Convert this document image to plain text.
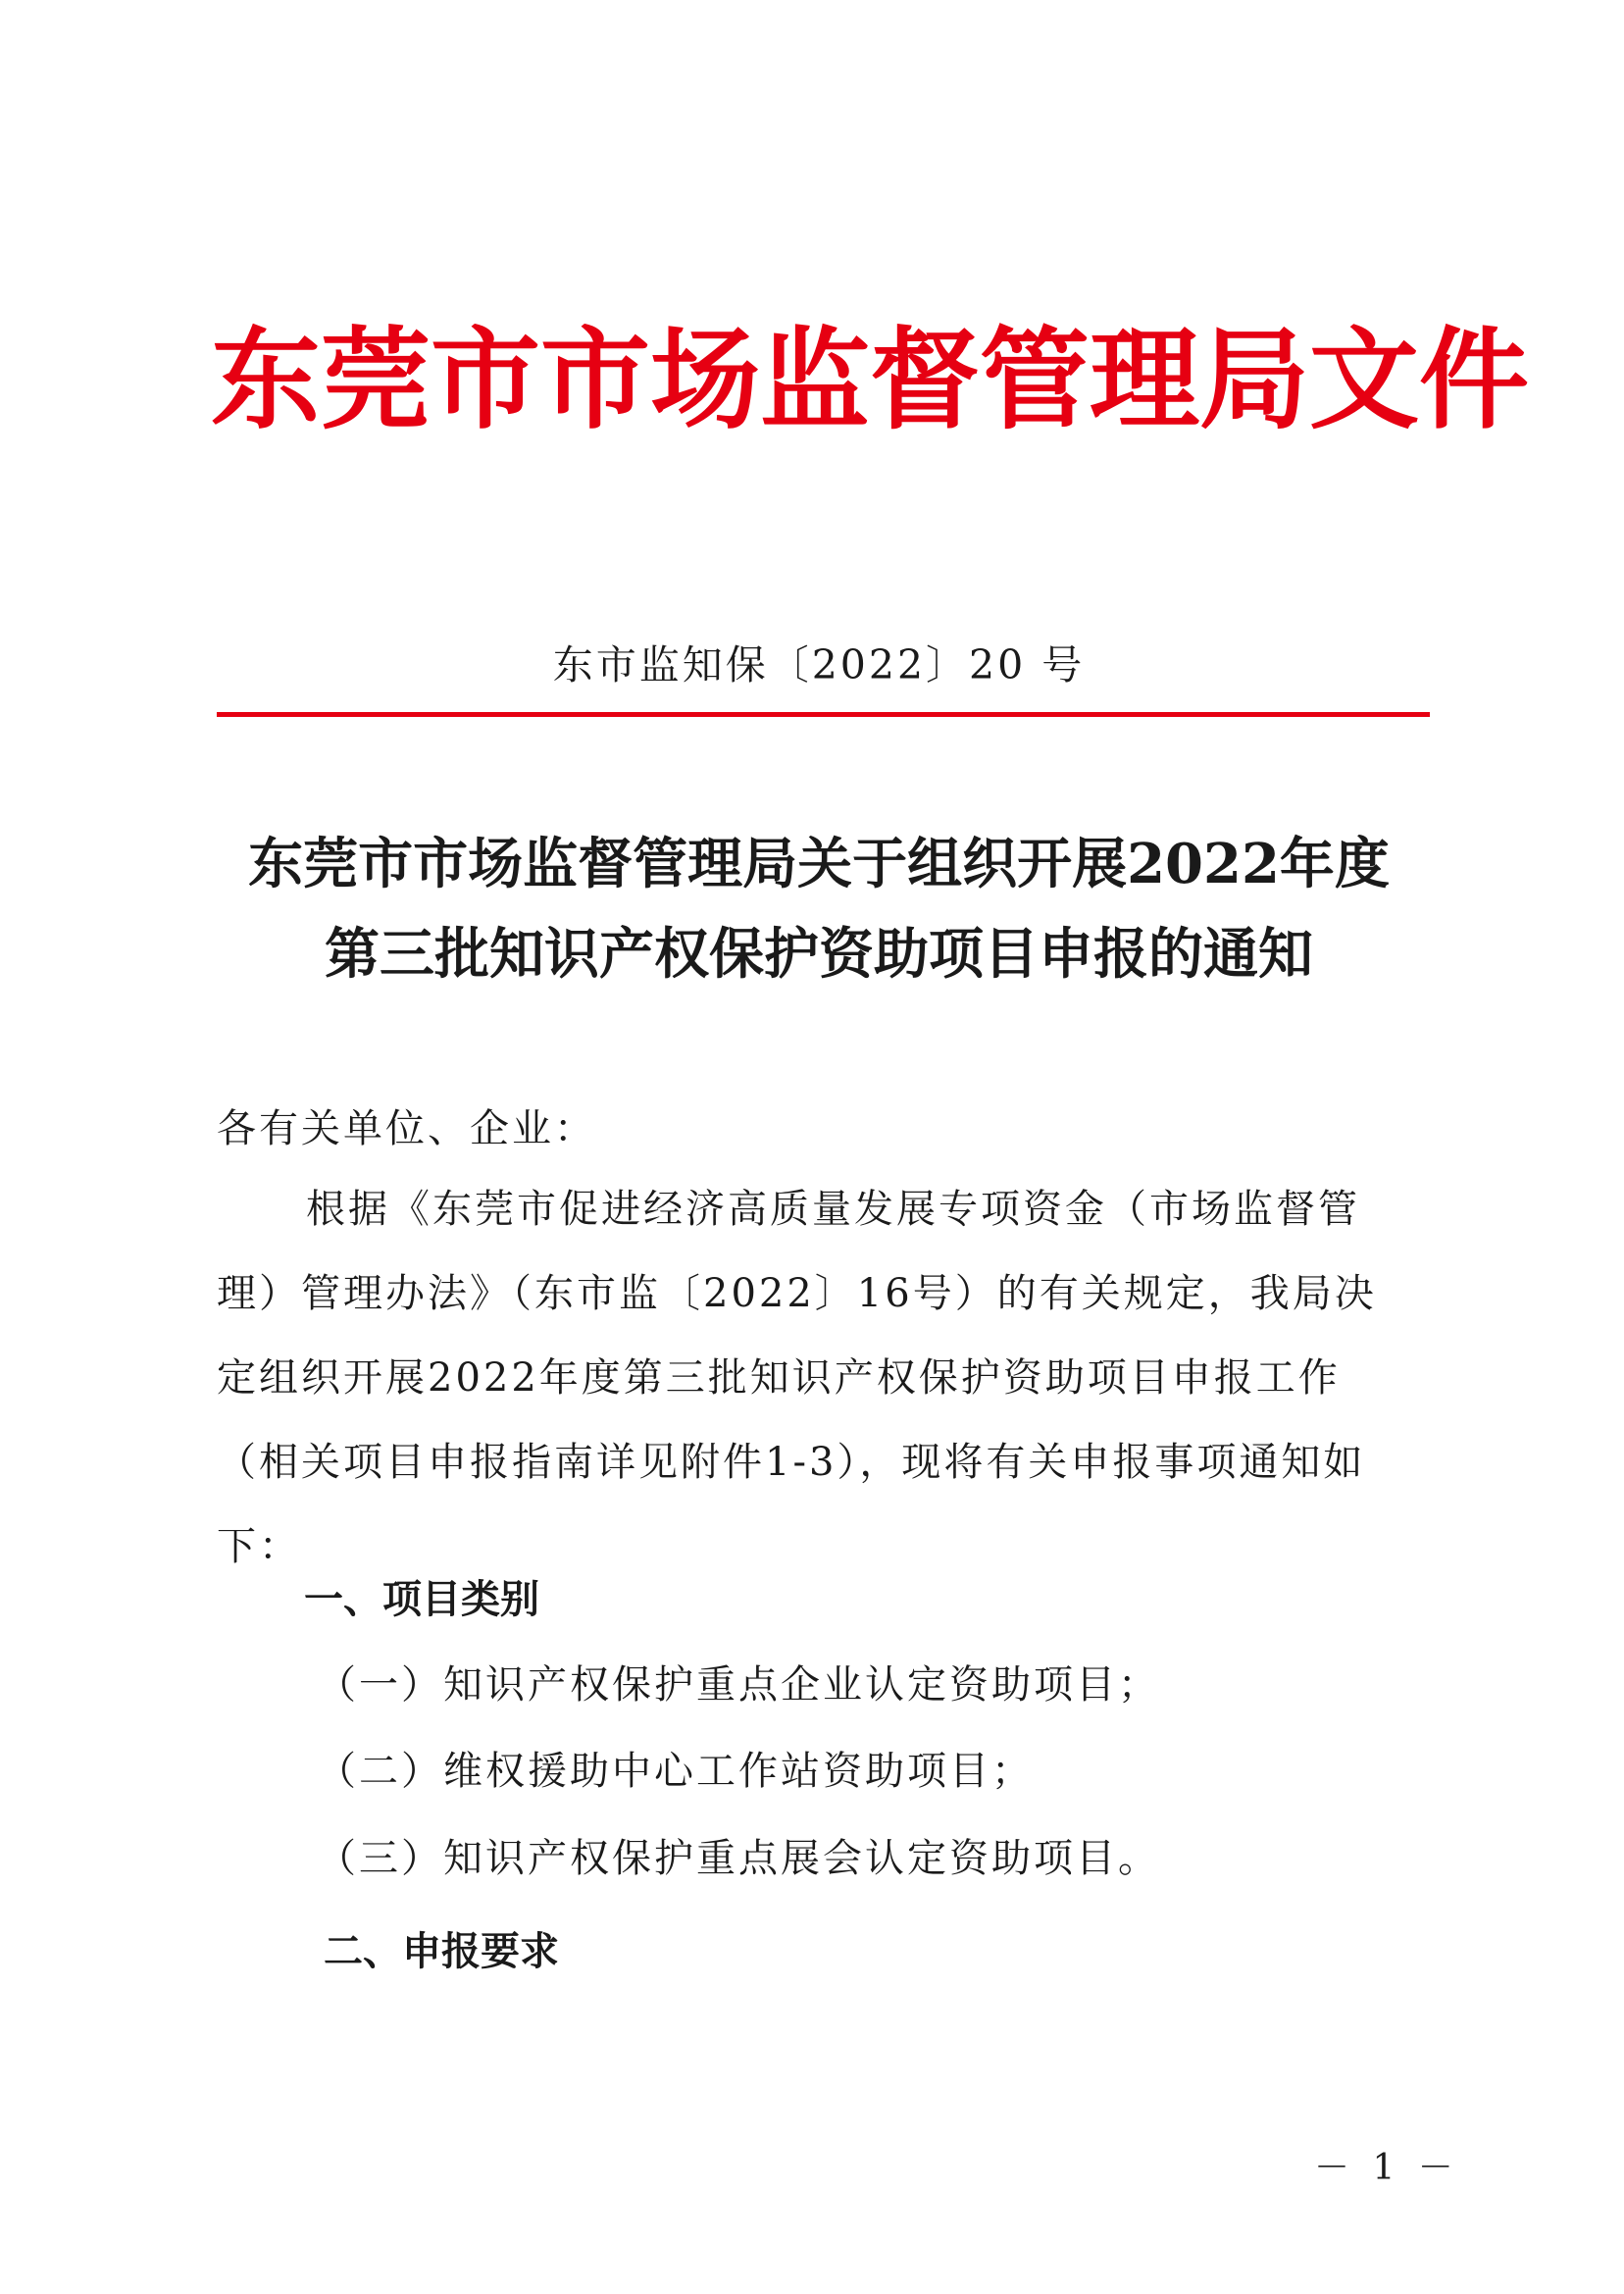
东莞市市场监督管理局文件
东市监知保〔2022〕20 号
东莞市市场监督管理局关于组织开展2022年度
第三批知识产权保护资助项目申报的通知
各有关单位、企业：
根据《东莞市促进经济高质量发展专项资金（市场监督管
理）管理办法》（东市监〔2022〕16号）的有关规定，我局决
定组织开展2022年度第三批知识产权保护资助项目申报工作
（相关项目申报指南详见附件1-3），现将有关申报事项通知如
下：
一、项目类别
（一）知识产权保护重点企业认定资助项目；
（二）维权援助中心工作站资助项目；
（三）知识产权保护重点展会认定资助项目。
二、申报要求
－ 1 －
